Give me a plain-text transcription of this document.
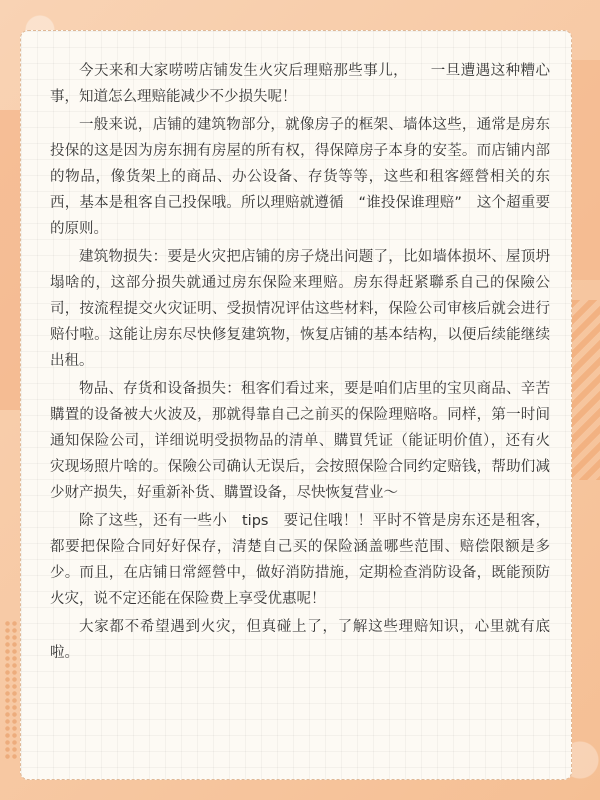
今天来和大家唠唠店铺发生火灾后理赔那些事儿，　　一旦遭遇这种糟心事，知道怎么理赔能减少不少损失呢！

一般来说，店铺的建筑物部分，就像房子的框架、墙体这些，通常是房东投保的这是因为房东拥有房屋的所有权，得保障房子本身的安荃。而店铺内部的物品，像货架上的商品、办公设备、存货等等，这些和租客經營相关的东西，基本是租客自己投保哦。所以理赔就遵循　“谁投保谁理赔”　这个超重要的原则。

建筑物损失：要是火灾把店铺的房子烧出问题了，比如墙体损坏、屋顶坍塌啥的，这部分损失就通过房东保险来理赔。房东得赶紧聯系自己的保險公司，按流程提交火灾证明、受损情况评估这些材料，保险公司审核后就会进行赔付啦。这能让房东尽快修复建筑物，恢复店铺的基本结构，以便后续能继续出租。

物品、存货和设备损失：租客们看过来，要是咱们店里的宝贝商品、辛苦購置的设备被大火波及，那就得靠自己之前买的保险理赔咯。同样，第一时间通知保险公司，详细说明受损物品的清单、購買凭证（能证明价值），还有火灾现场照片啥的。保險公司确认无误后，会按照保险合同约定赔钱，帮助们减少财产损失，好重新补货、購置设备，尽快恢复营业～

除了这些，还有一些小　tips　要记住哦！！平时不管是房东还是租客，都要把保险合同好好保存，清楚自己买的保险涵盖哪些范围、赔偿限额是多少。而且，在店铺日常經營中，做好消防措施，定期检查消防设备，既能预防火灾，说不定还能在保险费上享受优惠呢！

大家都不希望遇到火灾，但真碰上了，了解这些理赔知识，心里就有底啦。
